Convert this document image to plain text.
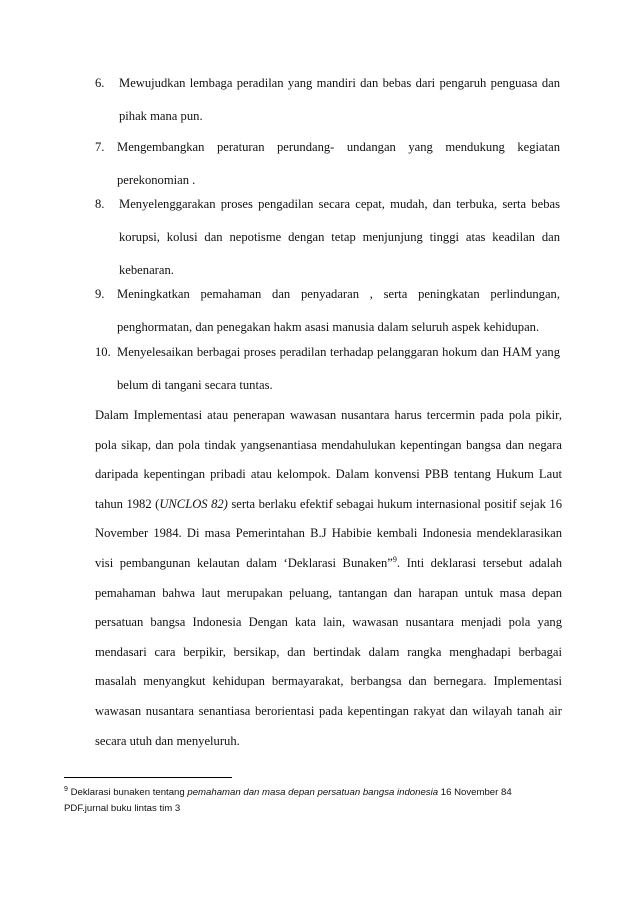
6.	Mewujudkan lembaga peradilan yang mandiri dan bebas dari pengaruh penguasa dan pihak mana pun.
7. Mengembangkan peraturan perundang- undangan yang mendukung kegiatan perekonomian .
8.	Menyelenggarakan proses pengadilan secara cepat, mudah, dan terbuka, serta bebas korupsi, kolusi dan nepotisme dengan tetap menjunjung tinggi atas keadilan dan kebenaran.
9. Meningkatkan pemahaman dan penyadaran , serta peningkatan perlindungan, penghormatan, dan penegakan hakm asasi manusia dalam seluruh aspek kehidupan.
10. Menyelesaikan berbagai proses peradilan terhadap pelanggaran hokum dan HAM yang belum di tangani secara tuntas.
Dalam Implementasi atau penerapan wawasan nusantara harus tercermin pada pola pikir, pola sikap, dan pola tindak yangsenantiasa mendahulukan kepentingan bangsa dan negara daripada kepentingan pribadi atau kelompok. Dalam konvensi PBB tentang Hukum Laut tahun 1982 (UNCLOS 82) serta berlaku efektif sebagai hukum internasional positif sejak 16 November 1984. Di masa Pemerintahan B.J Habibie kembali Indonesia mendeklarasikan visi pembangunan kelautan dalam ‘Deklarasi Bunaken”$^9$. Inti deklarasi tersebut adalah pemahaman bahwa laut merupakan peluang, tantangan dan harapan untuk masa depan persatuan bangsa Indonesia Dengan kata lain, wawasan nusantara menjadi pola yang mendasari cara berpikir, bersikap, dan bertindak dalam rangka menghadapi berbagai masalah menyangkut kehidupan bermayarakat, berbangsa dan bernegara. Implementasi wawasan nusantara senantiasa berorientasi pada kepentingan rakyat dan wilayah tanah air secara utuh dan menyeluruh.
$^9$ Deklarasi bunaken tentang pemahaman dan masa depan persatuan bangsa indonesia 16 November 84
PDF.jurnal buku lintas tim 3
